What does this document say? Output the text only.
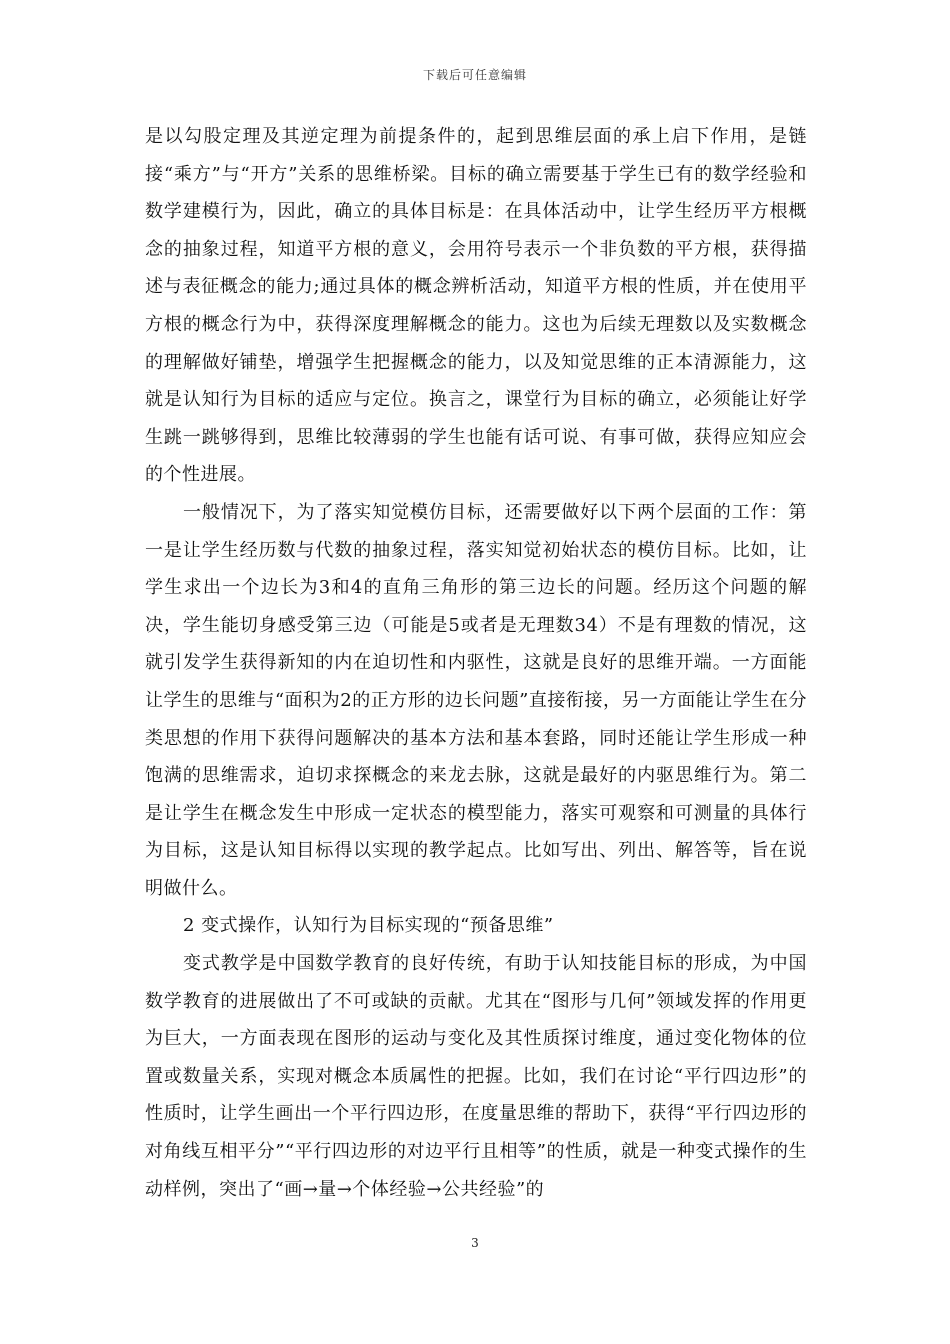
下载后可任意编辑

是以勾股定理及其逆定理为前提条件的，起到思维层面的承上启下作用，是链接“乘方”与“开方”关系的思维桥梁。目标的确立需要基于学生已有的数学经验和数学建模行为，因此，确立的具体目标是：在具体活动中，让学生经历平方根概念的抽象过程，知道平方根的意义，会用符号表示一个非负数的平方根，获得描述与表征概念的能力;通过具体的概念辨析活动，知道平方根的性质，并在使用平方根的概念行为中，获得深度理解概念的能力。这也为后续无理数以及实数概念的理解做好铺垫，增强学生把握概念的能力，以及知觉思维的正本清源能力，这就是认知行为目标的适应与定位。换言之，课堂行为目标的确立，必须能让好学生跳一跳够得到，思维比较薄弱的学生也能有话可说、有事可做，获得应知应会的个性进展。

一般情况下，为了落实知觉模仿目标，还需要做好以下两个层面的工作：第一是让学生经历数与代数的抽象过程，落实知觉初始状态的模仿目标。比如，让学生求出一个边长为3和4的直角三角形的第三边长的问题。经历这个问题的解决，学生能切身感受第三边（可能是5或者是无理数34）不是有理数的情况，这就引发学生获得新知的内在迫切性和内驱性，这就是良好的思维开端。一方面能让学生的思维与“面积为2的正方形的边长问题”直接衔接，另一方面能让学生在分类思想的作用下获得问题解决的基本方法和基本套路，同时还能让学生形成一种饱满的思维需求，迫切求探概念的来龙去脉，这就是最好的内驱思维行为。第二是让学生在概念发生中形成一定状态的模型能力，落实可观察和可测量的具体行为目标，这是认知目标得以实现的教学起点。比如写出、列出、解答等，旨在说明做什么。

2 变式操作，认知行为目标实现的“预备思维”

变式教学是中国数学教育的良好传统，有助于认知技能目标的形成，为中国数学教育的进展做出了不可或缺的贡献。尤其在“图形与几何”领域发挥的作用更为巨大，一方面表现在图形的运动与变化及其性质探讨维度，通过变化物体的位置或数量关系，实现对概念本质属性的把握。比如，我们在讨论“平行四边形”的性质时，让学生画出一个平行四边形，在度量思维的帮助下，获得“平行四边形的对角线互相平分”“平行四边形的对边平行且相等”的性质，就是一种变式操作的生动样例，突出了“画→量→个体经验→公共经验”的

3
